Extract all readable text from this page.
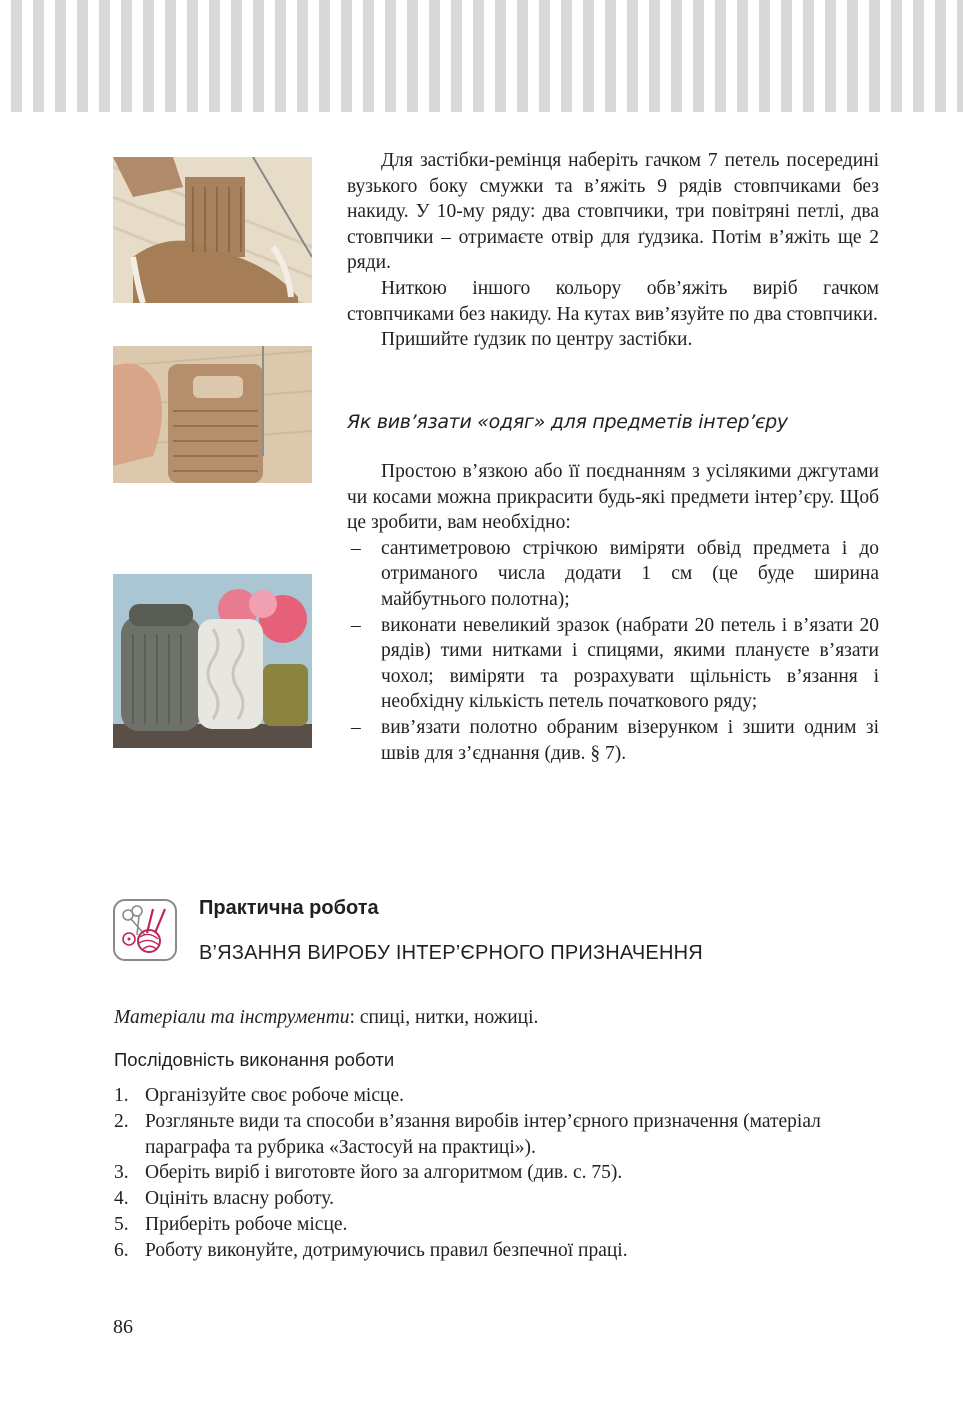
Для застібки-ремінця наберіть гачком 7 петель посередині вузького боку смужки та в’яжіть 9 рядів стовпчиками без накиду. У 10-му ряду: два стовпчики, три повітряні петлі, два стовпчики – отримаєте отвір для ґудзика. Потім в’яжіть ще 2 ряди.

Ниткою іншого кольору обв’яжіть виріб гачком стовпчиками без накиду. На кутах вив’язуйте по два стовпчики.

Пришийте ґудзик по центру застібки.

Як вив’язати «одяг» для предметів інтер’єру

Простою в’язкою або її поєднанням з усілякими джгутами чи косами можна прикрасити будь-які предмети інтер’єру. Щоб це зробити, вам необхідно:

– сантиметровою стрічкою виміряти обвід предмета і до отриманого числа додати 1 см (це буде ширина майбутнього полотна);
– виконати невеликий зразок (набрати 20 петель і в’язати 20 рядів) тими нитками і спицями, якими плануєте в’язати чохол; виміряти та розрахувати щільність в’язання і необхідну кількість петель початкового ряду;
– вив’язати полотно обраним візерунком і зшити одним зі швів для з’єднання (див. § 7).
Практична робота
В’ЯЗАННЯ ВИРОБУ ІНТЕР’ЄРНОГО ПРИЗНАЧЕННЯ
Матеріали та інструменти: спиці, нитки, ножиці.
Послідовність виконання роботи
1. Організуйте своє робоче місце.
2. Розгляньте види та способи в’язання виробів інтер’єрного призначення (матеріал параграфа та рубрика «Застосуй на практиці»).
3. Оберіть виріб і виготовте його за алгоритмом (див. с. 75).
4. Оцініть власну роботу.
5. Приберіть робоче місце.
6. Роботу виконуйте, дотримуючись правил безпечної праці.
86
